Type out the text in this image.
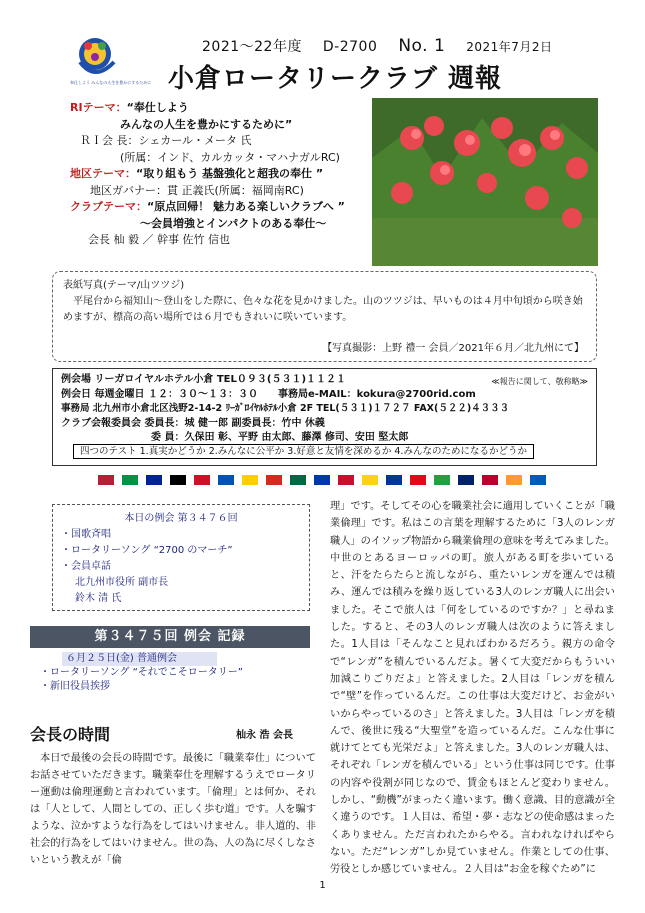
奉仕しよう みんなの人生を豊かにするために
2021～22年度 D-2700 No. 1 2021年7月2日
小倉ロータリークラブ 週報
RIテーマ：“奉仕しよう
みんなの人生を豊かにするために”
ＲＩ会 長：シェカール・メータ 氏
(所属：インド、カルカッタ・マハナガルRC)
地区テーマ：“取り組もう 基盤強化と超我の奉仕 ”
地区ガバナー：貫 正義氏(所属：福岡南RC)
クラブテーマ：“原点回帰！ 魅力ある楽しいクラブへ ”
～会員増強とインパクトのある奉仕～
会長 杣 毅 ／ 幹事 佐竹 信也
表紙写真(テーマ/山ツツジ)
平尾台から福知山～登山をした際に、色々な花を見かけました。山のツツジは、早いものは４月中旬頃から咲き始めますが、標高の高い場所では６月でもきれいに咲いています。
【写真撮影：上野 禮一 会員／2021年６月／北九州にて】
≪報告に関して、敬称略≫
例会場 リーガロイヤルホテル小倉 TEL０９３(５３１)１１２１
例会日 毎週金曜日 １２：３０～１３：３０　　 事務局e-MAIL：kokura@2700rid.com
事務局 北九州市小倉北区浅野2-14-2 ﾘｰｶﾞﾛｲﾔﾙﾎﾃﾙ小倉 2F TEL(５３１)１７２７ FAX(５２２)４３３３
クラブ会報委員会 委員長：城 健一郎 副委員長：竹中 休義
委 員：久保田 彰、平野 由太郎、藤澤 修司、安田 堅太郎
四つのテスト 1.真実かどうか 2.みんなに公平か 3.好意と友情を深めるか 4.みんなのためになるかどうか
本日の例会 第３４７６回
・国歌斉唱
・ロータリーソング “2700 のマーチ”
・会員卓話
北九州市役所 副市長
鈴木 清 氏
第３４７５回 例会 記録
６月２５日(金) 普通例会
・ロータリーソング “それでこそロータリー”
・新旧役員挨拶
会長の時間	杣永 浩 会長
本日で最後の会長の時間です。最後に「職業奉仕」についてお話させていただきます。職業奉仕を理解するうえでロータリー運動は倫理運動と言われています。「倫理」とは何か、それは「人として、人間としての、正しく歩む道」です。人を騙すような、泣かすような行為をしてはいけません。非人道的、非社会的行為をしてはいけません。世の為、人の為に尽くしなさいという教えが「倫
理」です。そしてその心を職業社会に適用していくことが「職業倫理」です。私はこの言葉を理解するために「3人のレンガ職人」のイソップ物語から職業倫理の意味を考えてみました。中世のとあるヨーロッパの町。旅人がある町を歩いていると、汗をたらたらと流しながら、重たいレンガを運んでは積み、運んでは積みを繰り返している3人のレンガ職人に出会いました。そこで旅人は「何をしているのですか？」と尋ねました。すると、その3人のレンガ職人は次のように答えました。1人目は「そんなこと見ればわかるだろう。親方の命令で“レンガ”を積んでいるんだよ。暑くて大変だからもういい加減こりごりだよ」と答えました。2人目は「レンガを積んで“壁”を作っているんだ。この仕事は大変だけど、お金がいいからやっているのさ」と答えました。3人目は「レンガを積んで、後世に残る“大聖堂”を造っているんだ。こんな仕事に就けてとても光栄だよ」と答えました。3人のレンガ職人は、それぞれ「レンガを積んでいる」という仕事は同じです。仕事の内容や役割が同じなので、賃金もほとんど変わりません。しかし、“動機”がまったく違います。働く意識、目的意識が全く違うのです。１人目は、希望・夢・志などの使命感はまったくありません。ただ言われたからやる。言われなければやらない。ただ“レンガ”しか見ていません。作業としての仕事、労役としか感じていません。２人目は“お金を稼ぐため”に
1
